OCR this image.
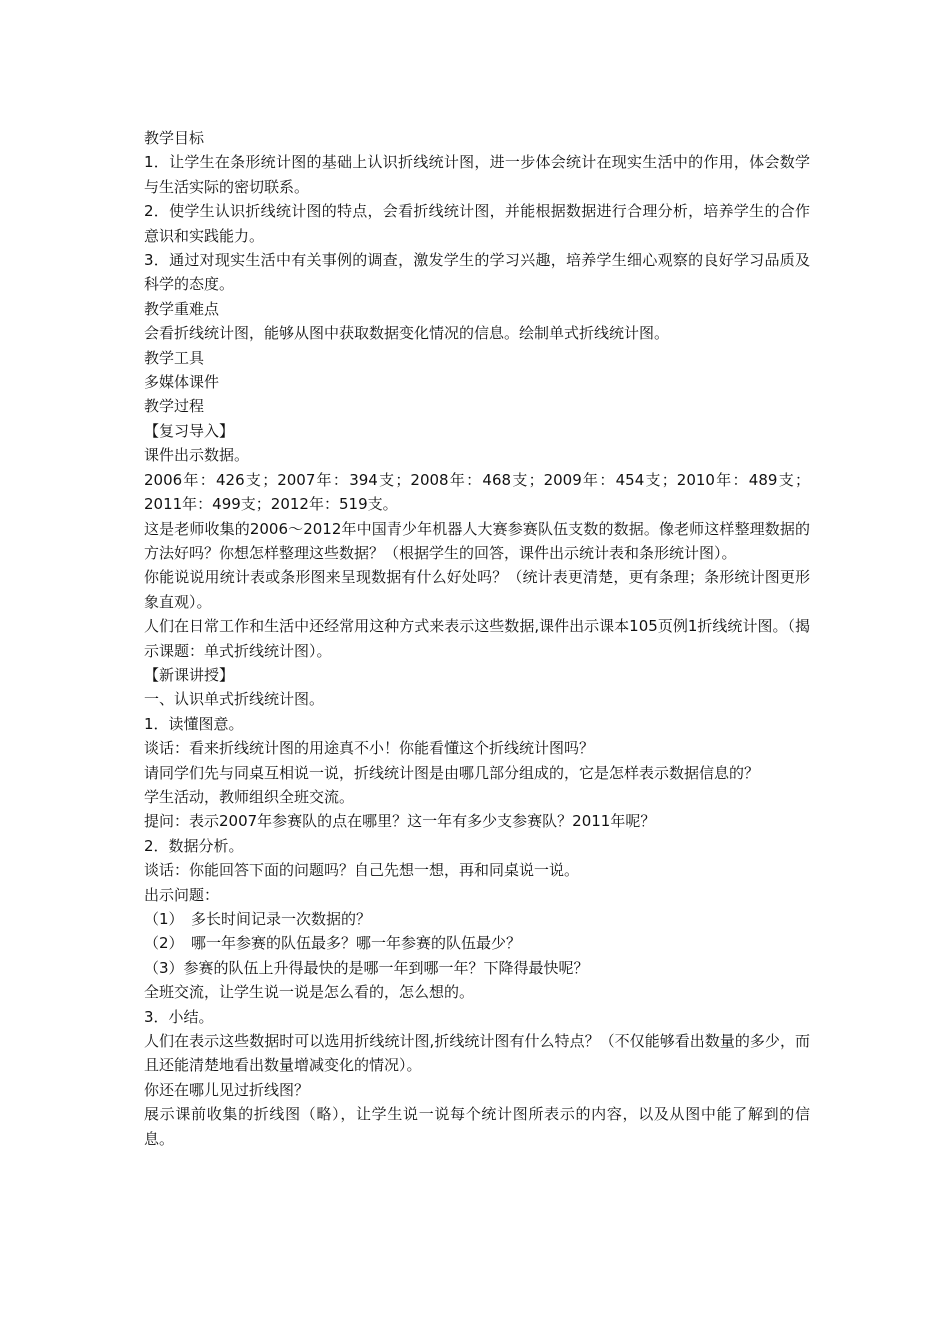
教学目标

1．让学生在条形统计图的基础上认识折线统计图，进一步体会统计在现实生活中的作用，体会数学与生活实际的密切联系。

2．使学生认识折线统计图的特点，会看折线统计图，并能根据数据进行合理分析，培养学生的合作意识和实践能力。

3．通过对现实生活中有关事例的调查，激发学生的学习兴趣，培养学生细心观察的良好学习品质及科学的态度。

教学重难点

会看折线统计图，能够从图中获取数据变化情况的信息。绘制单式折线统计图。

教学工具

多媒体课件

教学过程

【复习导入】

课件出示数据。

2006年：426支；2007年：394支；2008年：468支；2009年：454支；2010年：489支；2011年：499支；2012年：519支。

这是老师收集的2006～2012年中国青少年机器人大赛参赛队伍支数的数据。像老师这样整理数据的方法好吗？你想怎样整理这些数据？（根据学生的回答，课件出示统计表和条形统计图）。

你能说说用统计表或条形图来呈现数据有什么好处吗？（统计表更清楚，更有条理；条形统计图更形象直观）。

人们在日常工作和生活中还经常用这种方式来表示这些数据,课件出示课本105页例1折线统计图。（揭示课题：单式折线统计图）。

【新课讲授】

一、认识单式折线统计图。

1．读懂图意。

谈话：看来折线统计图的用途真不小！你能看懂这个折线统计图吗？

请同学们先与同桌互相说一说，折线统计图是由哪几部分组成的，它是怎样表示数据信息的？

学生活动，教师组织全班交流。

提问：表示2007年参赛队的点在哪里？这一年有多少支参赛队？2011年呢？

2．数据分析。

谈话：你能回答下面的问题吗？自己先想一想，再和同桌说一说。

出示问题：

（1）　多长时间记录一次数据的？

（2）　哪一年参赛的队伍最多？哪一年参赛的队伍最少？

（3）参赛的队伍上升得最快的是哪一年到哪一年？下降得最快呢？

全班交流，让学生说一说是怎么看的，怎么想的。

3．小结。

人们在表示这些数据时可以选用折线统计图,折线统计图有什么特点？（不仅能够看出数量的多少，而且还能清楚地看出数量增减变化的情况）。

你还在哪儿见过折线图？

展示课前收集的折线图（略），让学生说一说每个统计图所表示的内容，以及从图中能了解到的信息。
